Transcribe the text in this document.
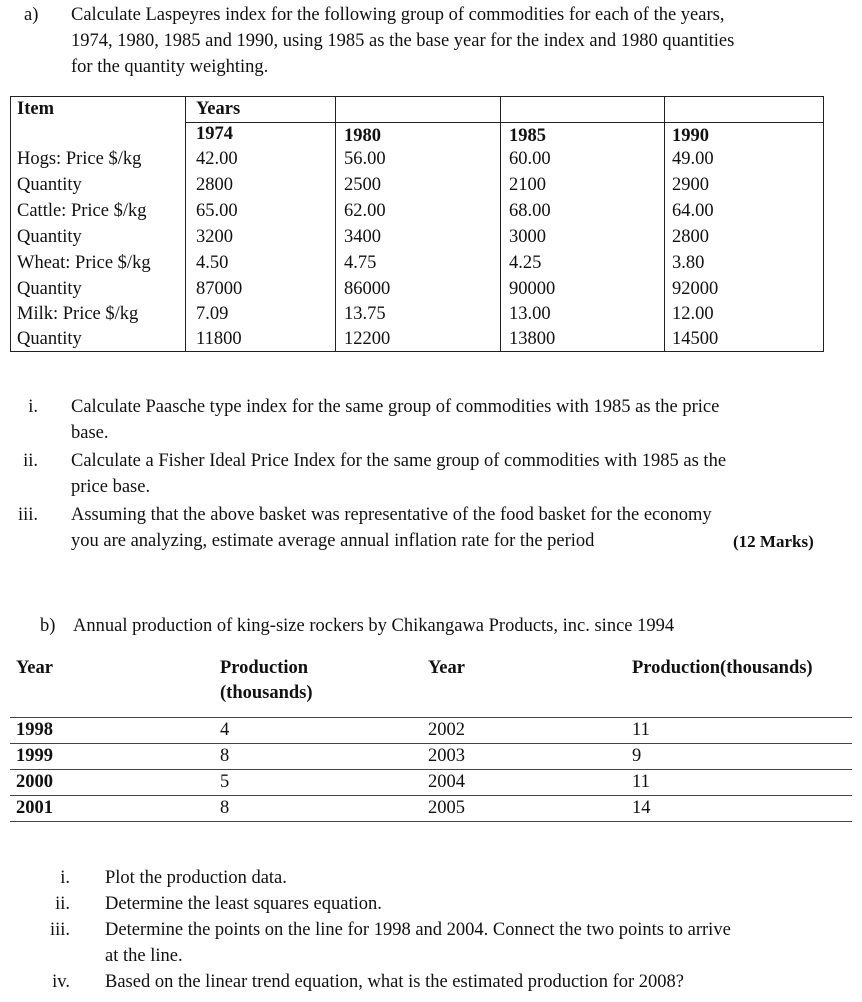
a) Calculate Laspeyres index for the following group of commodities for each of the years,
1974, 1980, 1985 and 1990, using 1985 as the base year for the index and 1980 quantities
for the quantity weighting.
Item	Years
1974	1980	1985	1990
Hogs: Price $/kg	42.00	56.00	60.00	49.00
Quantity	2800	2500	2100	2900
Cattle: Price $/kg	65.00	62.00	68.00	64.00
Quantity	3200	3400	3000	2800
Wheat: Price $/kg 4.50	4.75	4.25	3.80
Quantity	87000	86000	90000	92000
Milk: Price $/kg	7.09	13.75	13.00	12.00
Quantity	11800	12200	13800	14500
i. Calculate Paasche type index for the same group of commodities with 1985 as the price
base.
ii. Calculate a Fisher Ideal Price Index for the same group of commodities with 1985 as the
price base.
iii. Assuming that the above basket was representative of the food basket for the economy
you are analyzing, estimate average annual inflation rate for the period	(12 Marks)
b) Annual production of king-size rockers by Chikangawa Products, inc. since 1994
Year	Production
(thousands)
Year	Production(thousands)
1998	4	2002	11
1999	8	2003	9
2000	5	2004	11
2001	8	2005	14
i. Plot the production data.
ii. Determine the least squares equation.
iii. Determine the points on the line for 1998 and 2004. Connect the two points to arrive
at the line.
iv. Based on the linear trend equation, what is the estimated production for 2008?
